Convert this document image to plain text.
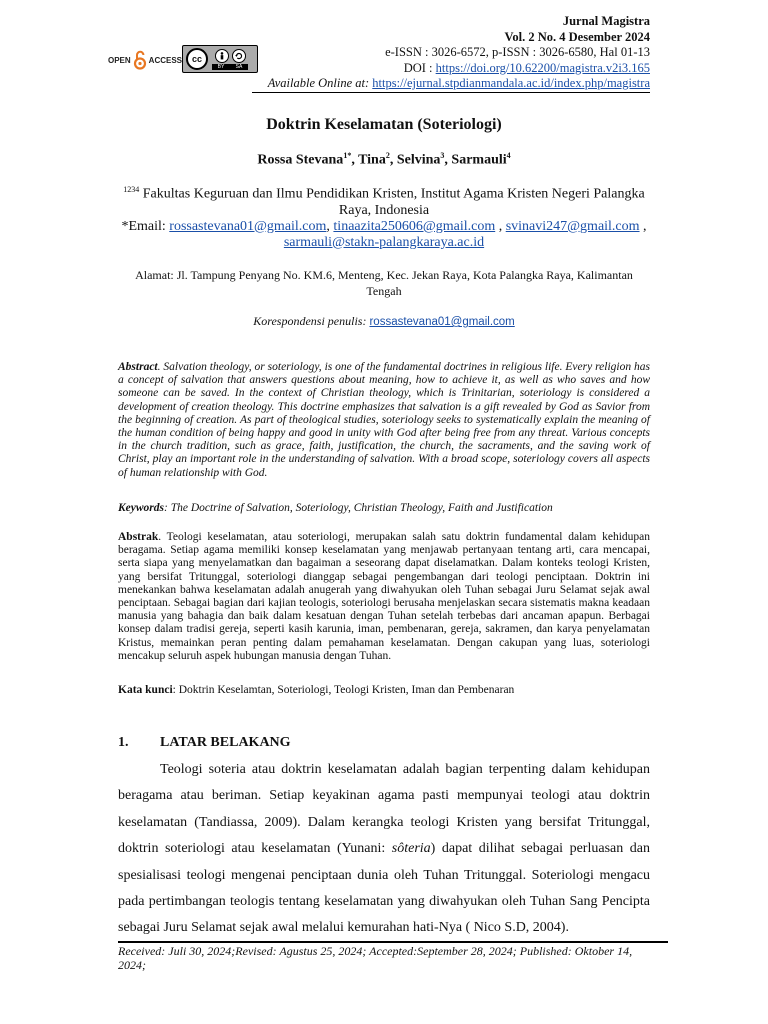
OPEN ACCESS	cc
BY SA
Jurnal Magistra
Vol. 2 No. 4 Desember 2024
e-ISSN : 3026-6572, p-ISSN : 3026-6580, Hal 01-13
DOI : https://doi.org/10.62200/magistra.v2i3.165
Available Online at: https://ejurnal.stpdianmandala.ac.id/index.php/magistra
Doktrin Keselamatan (Soteriologi)
Rossa Stevana$^{1*}$, Tina$^2$, Selvina$^3$, Sarmauli$^4$
$^{1234}$ Fakultas Keguruan dan Ilmu Pendidikan Kristen, Institut Agama Kristen Negeri Palangka Raya, Indonesia
*Email: rossastevana01@gmail.com, tinaazita250606@gmail.com , svinavi247@gmail.com , sarmauli@stakn-palangkaraya.ac.id
Alamat: Jl. Tampung Penyang No. KM.6, Menteng, Kec. Jekan Raya, Kota Palangka Raya, Kalimantan Tengah
Korespondensi penulis: rossastevana01@gmail.com
Abstract. Salvation theology, or soteriology, is one of the fundamental doctrines in religious life. Every religion has a concept of salvation that answers questions about meaning, how to achieve it, as well as who saves and how someone can be saved. In the context of Christian theology, which is Trinitarian, soteriology is considered a development of creation theology. This doctrine emphasizes that salvation is a gift revealed by God as Savior from the beginning of creation. As part of theological studies, soteriology seeks to systematically explain the meaning of the human condition of being happy and good in unity with God after being free from any threat. Various concepts in the church tradition, such as grace, faith, justification, the church, the sacraments, and the saving work of Christ, play an important role in the understanding of salvation. With a broad scope, soteriology covers all aspects of human relationship with God.
Keywords: The Doctrine of Salvation, Soteriology, Christian Theology, Faith and Justification
Abstrak. Teologi keselamatan, atau soteriologi, merupakan salah satu doktrin fundamental dalam kehidupan beragama. Setiap agama memiliki konsep keselamatan yang menjawab pertanyaan tentang arti, cara mencapai, serta siapa yang menyelamatkan dan bagaiman a seseorang dapat diselamatkan. Dalam konteks teologi Kristen, yang bersifat Tritunggal, soteriologi dianggap sebagai pengembangan dari teologi penciptaan. Doktrin ini menekankan bahwa keselamatan adalah anugerah yang diwahyukan oleh Tuhan sebagai Juru Selamat sejak awal penciptaan. Sebagai bagian dari kajian teologis, soteriologi berusaha menjelaskan secara sistematis makna keadaan manusia yang bahagia dan baik dalam kesatuan dengan Tuhan setelah terbebas dari ancaman apapun. Berbagai konsep dalam tradisi gereja, seperti kasih karunia, iman, pembenaran, gereja, sakramen, dan karya penyelamatan Kristus, memainkan peran penting dalam pemahaman keselamatan. Dengan cakupan yang luas, soteriologi mencakup seluruh aspek hubungan manusia dengan Tuhan.
Kata kunci: Doktrin Keselamtan, Soteriologi, Teologi Kristen, Iman dan Pembenaran
1. LATAR BELAKANG
Teologi soteria atau doktrin keselamatan adalah bagian terpenting dalam kehidupan beragama atau beriman. Setiap keyakinan agama pasti mempunyai teologi atau doktrin keselamatan (Tandiassa, 2009). Dalam kerangka teologi Kristen yang bersifat Tritunggal, doktrin soteriologi atau keselamatan (Yunani: sôteria) dapat dilihat sebagai perluasan dan spesialisasi teologi mengenai penciptaan dunia oleh Tuhan Tritunggal. Soteriologi mengacu pada pertimbangan teologis tentang keselamatan yang diwahyukan oleh Tuhan Sang Pencipta sebagai Juru Selamat sejak awal melalui kemurahan hati-Nya ( Nico S.D, 2004).
Received: Juli 30, 2024;Revised: Agustus 25, 2024; Accepted:September 28, 2024; Published: Oktober 14, 2024;
